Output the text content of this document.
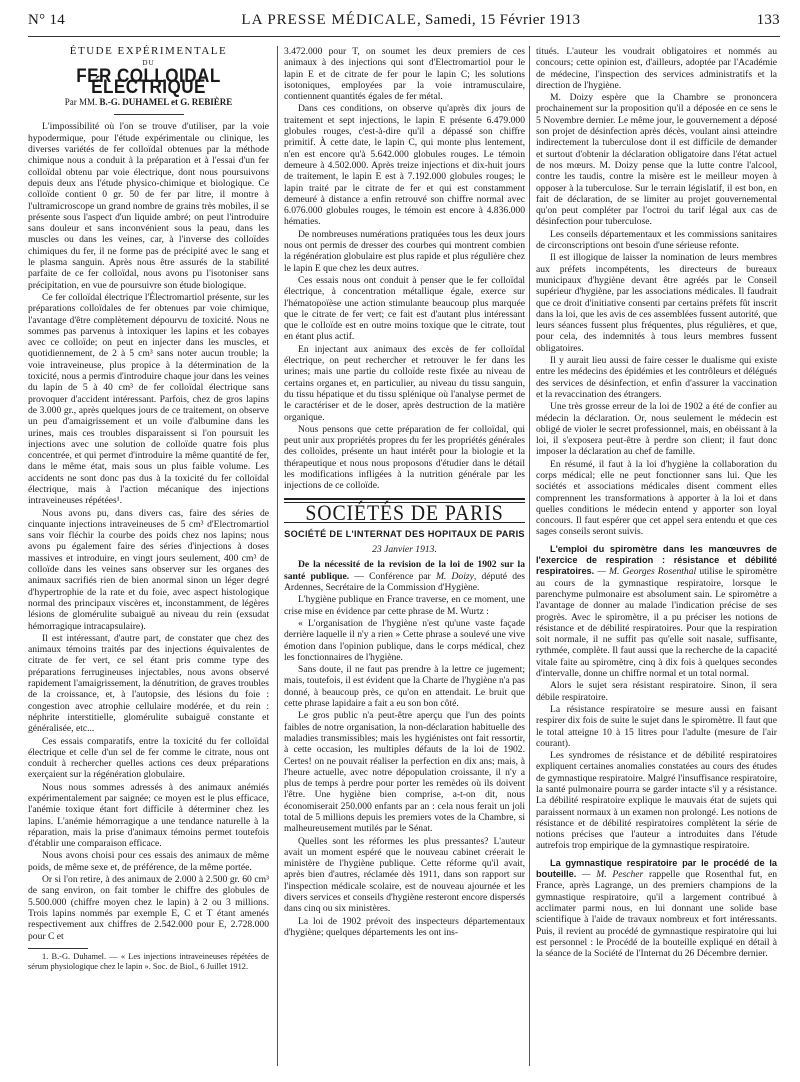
N° 14	LA PRESSE MÉDICALE, Samedi, 15 Février 1913	133
ÉTUDE EXPÉRIMENTALE
DU
FER COLLOIDAL ÉLECTRIQUE
Par MM. B.-G. DUHAMEL et G. REBIÈRE

L'impossibilité où l'on se trouve d'utiliser, par la voie hypodermique, pour l'étude expérimentale ou clinique, les diverses variétés de fer colloïdal obtenues par la méthode chimique nous a conduit à la préparation et à l'essai d'un fer colloïdal obtenu par voie électrique, dont nous poursuivons depuis deux ans l'étude physico-chimique et biologique. Ce colloïde contient 0 gr. 50 de fer par litre, il montre à l'ultramicroscope un grand nombre de grains très mobiles, il se présente sous l'aspect d'un liquide ambré; on peut l'introduire sans douleur et sans inconvénient sous la peau, dans les muscles ou dans les veines, car, à l'inverse des colloïdes chimiques du fer, il ne forme pas de précipité avec le sang et le plasma sanguin. Après nous être assurés de la stabilité parfaite de ce fer colloïdal, nous avons pu l'isotoniser sans précipitation, en vue de poursuivre son étude biologique.

Ce fer colloïdal électrique l'Électromartiol présente, sur les préparations colloïdales de fer obtenues par voie chimique, l'avantage d'être complètement dépourvu de toxicité. Nous ne sommes pas parvenus à intoxiquer les lapins et les cobayes avec ce colloïde; on peut en injecter dans les muscles, et quotidiennement, de 2 à 5 cm³ sans noter aucun trouble; la voie intraveineuse, plus propice à la détermination de la toxicité, nous a permis d'introduire chaque jour dans les veines du lapin de 5 à 40 cm³ de fer colloïdal électrique sans provoquer d'accident intéressant. Parfois, chez de gros lapins de 3.000 gr., après quelques jours de ce traitement, on observe un peu d'amaigrissement et un voile d'albumine dans les urines, mais ces troubles disparaissent si l'on poursuit les injections avec une solution de colloïde quatre fois plus concentrée, et qui permet d'introduire la même quantité de fer, dans le même état, mais sous un plus faible volume. Les accidents ne sont donc pas dus à la toxicité du fer colloïdal électrique, mais à l'action mécanique des injections intraveineuses répétées¹.

Nous avons pu, dans divers cas, faire des séries de cinquante injections intraveineuses de 5 cm³ d'Electromartiol sans voir fléchir la courbe des poids chez nos lapins; nous avons pu également faire des séries d'injections à doses massives et introduire, en vingt jours seulement, 400 cm³ de colloïde dans les veines sans observer sur les organes des animaux sacrifiés rien de bien anormal sinon un léger degré d'hypertrophie de la rate et du foie, avec aspect histologique normal des principaux viscères et, inconstamment, de légères lésions de glomérulite subaiguë au niveau du rein (exsudat hémorragique intracapsulaire).

Il est intéressant, d'autre part, de constater que chez des animaux témoins traités par des injections équivalentes de citrate de fer vert, ce sel étant pris comme type des préparations ferrugineuses injectables, nous avons observé rapidement l'amaigrissement, la dénutrition, de graves troubles de la croissance, et, à l'autopsie, des lésions du foie : congestion avec atrophie cellulaire modérée, et du rein : néphrite interstitielle, glomérulite subaiguë constante et généralisée, etc...

Ces essais comparatifs, entre la toxicité du fer colloïdal électrique et celle d'un sel de fer comme le citrate, nous ont conduit à rechercher quelles actions ces deux préparations exerçaient sur la régénération globulaire.

Nous nous sommes adressés à des animaux anémiés expérimentalement par saignée; ce moyen est le plus efficace, l'anémie toxique étant fort difficile à déterminer chez les lapins. L'anémie hémorragique a une tendance naturelle à la réparation, mais la prise d'animaux témoins permet toutefois d'établir une comparaison efficace.

Nous avons choisi pour ces essais des animaux de même poids, de même sexe et, de préférence, de la même portée.

Or si l'on retire, à des animaux de 2.000 à 2.500 gr. 60 cm³ de sang environ, on fait tomber le chiffre des globules de 5.500.000 (chiffre moyen chez le lapin) à 2 ou 3 millions. Trois lapins nommés par exemple E, C et T étant amenés respectivement aux chiffres de 2.542.000 pour E, 2.728.000 pour C et

1. B.-G. Duhamel. — « Les injections intraveineuses répétées de sérum physiologique chez le lapin ». Soc. de Biol., 6 Juillet 1912.

3.472.000 pour T, on soumet les deux premiers de ces animaux à des injections qui sont d'Electromartiol pour le lapin E et de citrate de fer pour le lapin C; les solutions isotoniques, employées par la voie intramusculaire, contiennent quantités égales de fer métal.

Dans ces conditions, on observe qu'après dix jours de traitement et sept injections, le lapin E présente 6.479.000 globules rouges, c'est-à-dire qu'il a dépassé son chiffre primitif. À cette date, le lapin C, qui monte plus lentement, n'en est encore qu'à 5.642.000 globules rouges. Le témoin demeure à 4.502.000. Après treize injections et dix-huit jours de traitement, le lapin E est à 7.192.000 globules rouges; le lapin traité par le citrate de fer et qui est constamment demeuré à distance a enfin retrouvé son chiffre normal avec 6.076.000 globules rouges, le témoin est encore à 4.836.000 hématies.

De nombreuses numérations pratiquées tous les deux jours nous ont permis de dresser des courbes qui montrent combien la régénération globulaire est plus rapide et plus régulière chez le lapin E que chez les deux autres.

Ces essais nous ont conduit à penser que le fer colloïdal électrique, à concentration métallique égale, exerce sur l'hématopoïèse une action stimulante beaucoup plus marquée que le citrate de fer vert; ce fait est d'autant plus intéressant que le colloïde est en outre moins toxique que le citrate, tout en étant plus actif.

En injectant aux animaux des excès de fer colloïdal électrique, on peut rechercher et retrouver le fer dans les urines; mais une partie du colloïde reste fixée au niveau de certains organes et, en particulier, au niveau du tissu sanguin, du tissu hépatique et du tissu splénique où l'analyse permet de le caractériser et de le doser, après destruction de la matière organique.

Nous pensons que cette préparation de fer colloïdal, qui peut unir aux propriétés propres du fer les propriétés générales des colloïdes, présente un haut intérêt pour la biologie et la thérapeutique et nous nous proposons d'étudier dans le détail les modifications infligées à la nutrition générale par les injections de ce colloïde.

SOCIÉTÉS DE PARIS
SOCIÉTÉ DE L'INTERNAT DES HOPITAUX DE PARIS
23 Janvier 1913.

De la nécessité de la revision de la loi de 1902 sur la santé publique. — Conférence par M. Doizy, député des Ardennes, Secrétaire de la Commission d'Hygiène.

L'hygiène publique en France traverse, en ce moment, une crise mise en évidence par cette phrase de M. Wurtz :

« L'organisation de l'hygiène n'est qu'une vaste façade derrière laquelle il n'y a rien » Cette phrase a soulevé une vive émotion dans l'opinion publique, dans le corps médical, chez les fonctionnaires de l'hygiène.

Sans doute, il ne faut pas prendre à la lettre ce jugement; mais, toutefois, il est évident que la Charte de l'hygiène n'a pas donné, à beaucoup près, ce qu'on en attendait. Le bruit que cette phrase lapidaire a fait a eu son bon côté.

Le gros public n'a peut-être aperçu que l'un des points faibles de notre organisation, la non-déclaration habituelle des maladies transmissibles; mais les hygiénistes ont fait ressortir, à cette occasion, les multiples défauts de la loi de 1902. Certes! on ne pouvait réaliser la perfection en dix ans; mais, à l'heure actuelle, avec notre dépopulation croissante, il n'y a plus de temps à perdre pour porter les remèdes où ils doivent l'être. Une hygiène bien comprise, a-t-on dit, nous économiserait 250.000 enfants par an : cela nous ferait un joli total de 5 millions depuis les premiers votes de la Chambre, si malheureusement mutilés par le Sénat.

Quelles sont les réformes les plus pressantes? L'auteur avait un moment espéré que le nouveau cabinet créerait le ministère de l'hygiène publique. Cette réforme qu'il avait, après bien d'autres, réclamée dès 1911, dans son rapport sur l'inspection médicale scolaire, est de nouveau ajournée et les divers services et conseils d'hygiène resteront encore dispersés dans cinq ou six ministères.

La loi de 1902 prévoit des inspecteurs départementaux d'hygiène; quelques départements les ont ins-

titués. L'auteur les voudrait obligatoires et nommés au concours; cette opinion est, d'ailleurs, adoptée par l'Académie de médecine, l'inspection des services administratifs et la direction de l'hygiène.

M. Doizy espère que la Chambre se prononcera prochainement sur la proposition qu'il a déposée en ce sens le 5 Novembre dernier. Le même jour, le gouvernement a déposé son projet de désinfection après décès, voulant ainsi atteindre indirectement la tuberculose dont il est difficile de demander et surtout d'obtenir la déclaration obligatoire dans l'état actuel de nos mœurs. M. Doizy pense que la lutte contre l'alcool, contre les taudis, contre la misère est le meilleur moyen à opposer à la tuberculose. Sur le terrain législatif, il est bon, en fait de déclaration, de se limiter au projet gouvernemental qu'on peut compléter par l'octroi du tarif légal aux cas de désinfection pour tuberculose.

Les conseils départementaux et les commissions sanitaires de circonscriptions ont besoin d'une sérieuse refonte.

Il est illogique de laisser la nomination de leurs membres aux préfets incompétents, les directeurs de bureaux municipaux d'hygiène devant être agréés par le Conseil supérieur d'hygiène, par les associations médicales. Il faudrait que ce droit d'initiative consenti par certains préfets fût inscrit dans la loi, que les avis de ces assemblées fussent autorité, que leurs séances fussent plus fréquentes, plus régulières, et que, pour cela, des indemnités à tous leurs membres fussent obligatoires.

Il y aurait lieu aussi de faire cesser le dualisme qui existe entre les médecins des épidémies et les contrôleurs et délégués des services de désinfection, et enfin d'assurer la vaccination et la revaccination des étrangers.

Une très grosse erreur de la loi de 1902 a été de confier au médecin la déclaration. Or, nous seulement le médecin est obligé de violer le secret professionnel, mais, en obéissant à la loi, il s'exposera peut-être à perdre son client; il faut donc imposer la déclaration au chef de famille.

En résumé, il faut à la loi d'hygiène la collaboration du corps médical; elle ne peut fonctionner sans lui. Que les sociétés et associations médicales disent comment elles comprennent les transformations à apporter à la loi et dans quelles conditions le médecin entend y apporter son loyal concours. Il faut espérer que cet appel sera entendu et que ces sages conseils seront suivis.

L'emploi du spiromètre dans les manœuvres de l'exercice de respiration : résistance et débilité respiratoires. — M. Georges Rosenthal utilise le spiromètre au cours de la gymnastique respiratoire, lorsque le parenchyme pulmonaire est absolument sain. Le spiromètre a l'avantage de donner au malade l'indication précise de ses progrès. Avec le spiromètre, il a pu préciser les notions de résistance et de débilité respiratoires. Pour que la respiration soit normale, il ne suffit pas qu'elle soit nasale, suffisante, rythmée, complète. Il faut aussi que la recherche de la capacité vitale faite au spiromètre, cinq à dix fois à quelques secondes d'intervalle, donne un chiffre normal et un total normal.

Alors le sujet sera résistant respiratoire. Sinon, il sera débile respiratoire.

La résistance respiratoire se mesure aussi en faisant respirer dix fois de suite le sujet dans le spiromètre. Il faut que le total atteigne 10 à 15 litres pour l'adulte (mesure de l'air courant).

Les syndromes de résistance et de débilité respiratoires expliquent certaines anomalies constatées au cours des études de gymnastique respiratoire. Malgré l'insuffisance respiratoire, la santé pulmonaire pourra se garder intacte s'il y a résistance. La débilité respiratoire explique le mauvais état de sujets qui paraissent normaux à un examen non prolongé. Les notions de résistance et de débilité respiratoires complètent la série de notions précises que l'auteur a introduites dans l'étude autrefois trop empirique de la gymnastique respiratoire.

La gymnastique respiratoire par le procédé de la bouteille. — M. Pescher rappelle que Rosenthal fut, en France, après Lagrange, un des premiers champions de la gymnastique respiratoire, qu'il a largement contribué à acclimater parmi nous, en lui donnant une solide base scientifique à l'aide de travaux nombreux et fort intéressants. Puis, il revient au procédé de gymnastique respiratoire qui lui est personnel : le Procédé de la bouteille expliqué en détail à la séance de la Société de l'Internat du 26 Décembre dernier.
